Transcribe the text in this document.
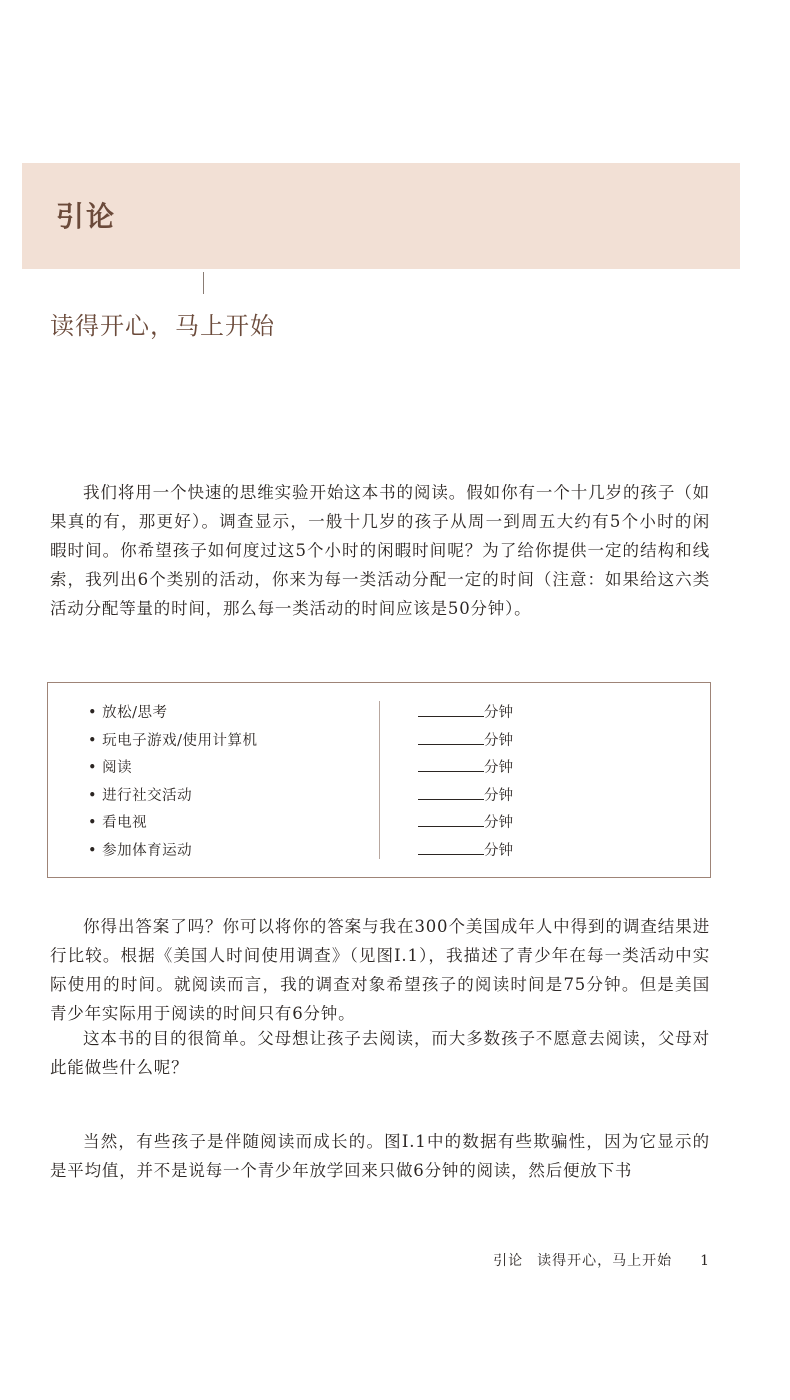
引论
读得开心，马上开始

我们将用一个快速的思维实验开始这本书的阅读。假如你有一个十几岁的孩子（如果真的有，那更好）。调查显示，一般十几岁的孩子从周一到周五大约有5个小时的闲暇时间。你希望孩子如何度过这5个小时的闲暇时间呢？为了给你提供一定的结构和线索，我列出6个类别的活动，你来为每一类活动分配一定的时间（注意：如果给这六类活动分配等量的时间，那么每一类活动的时间应该是50分钟）。

• 放松/思考
• 玩电子游戏/使用计算机
• 阅读
• 进行社交活动
• 看电视
• 参加体育运动
分钟
分钟
分钟
分钟
分钟
分钟

你得出答案了吗？你可以将你的答案与我在300个美国成年人中得到的调查结果进行比较。根据《美国人时间使用调查》（见图I.1），我描述了青少年在每一类活动中实际使用的时间。就阅读而言，我的调查对象希望孩子的阅读时间是75分钟。但是美国青少年实际用于阅读的时间只有6分钟。

这本书的目的很简单。父母想让孩子去阅读，而大多数孩子不愿意去阅读，父母对此能做些什么呢？

当然，有些孩子是伴随阅读而成长的。图I.1中的数据有些欺骗性，因为它显示的是平均值，并不是说每一个青少年放学回来只做6分钟的阅读，然后便放下书

引论 读得开心，马上开始 1
